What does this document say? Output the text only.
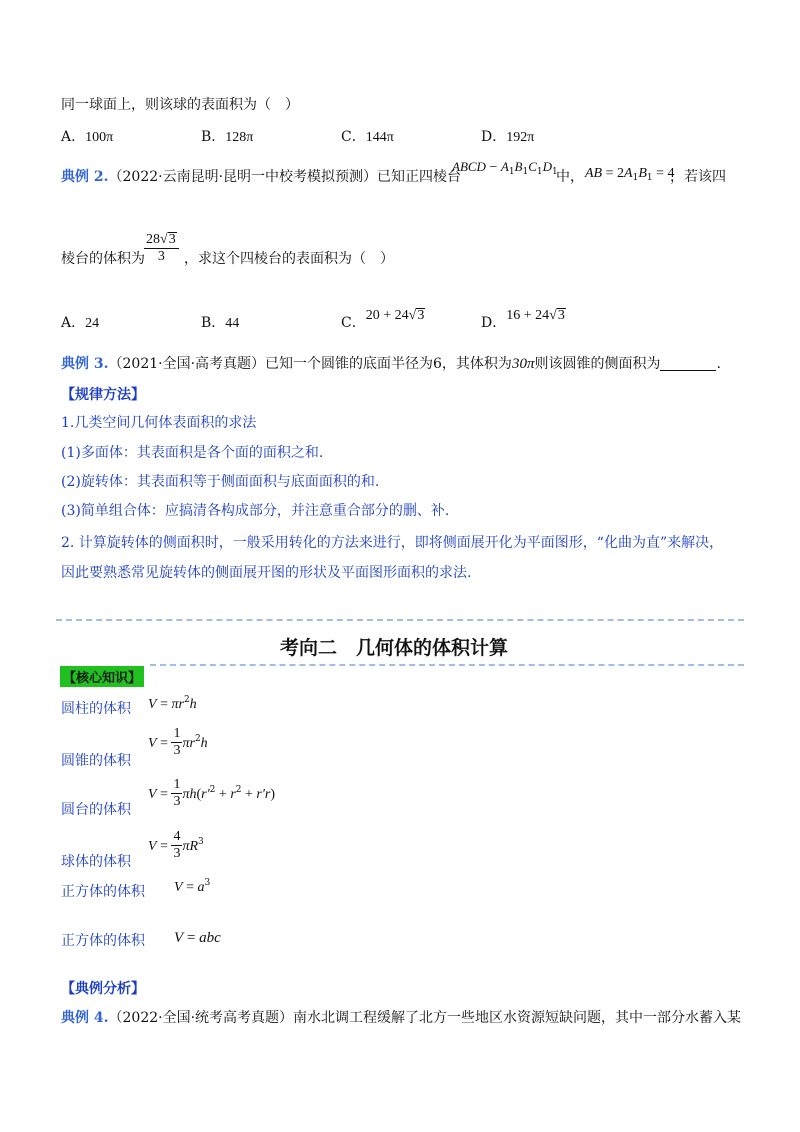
同一球面上，则该球的表面积为（　）
A．100π	B．128π	C．144π	D．192π
典例 2.（2022·云南昆明·昆明一中校考模拟预测）已知正四棱台
ABCD − $A_1B_1C_1D_1$
中， AB = $2A_1B_1 = 4$
，若该四
棱台的体积为 $\frac{28√3}{3}$ ，求这个四棱台的表面积为（　）
A．24	B．44	C．20 + 24√3	D．16 + 24√3
典例 3.（2021·全国·高考真题）已知一个圆锥的底面半径为6，其体积为30π则该圆锥的侧面积为	.
【规律方法】
1.几类空间几何体表面积的求法
(1)多面体：其表面积是各个面的面积之和.
(2)旋转体：其表面积等于侧面面积与底面面积的和.
(3)简单组合体：应搞清各构成部分，并注意重合部分的删、补.
2. 计算旋转体的侧面积时，一般采用转化的方法来进行，即将侧面展开化为平面图形，“化曲为直”来解决，
因此要熟悉常见旋转体的侧面展开图的形状及平面图形面积的求法.
考向二　几何体的体积计算
【核心知识】
圆柱的体积 $V = \pi r^2h$
圆锥的体积
$V = \frac{1}{3} \pi r^2h$
圆台的体积
$V = \frac{1}{3} \pi h(r'^2 + r^2 + r'r)$
球体的体积
$V = \frac{4}{3} \pi R^3$
正方体的体积 $V = a^3$
正方体的体积 V = abc
【典例分析】
典例 4.（2022·全国·统考高考真题）南水北调工程缓解了北方一些地区水资源短缺问题，其中一部分水蓄入某
